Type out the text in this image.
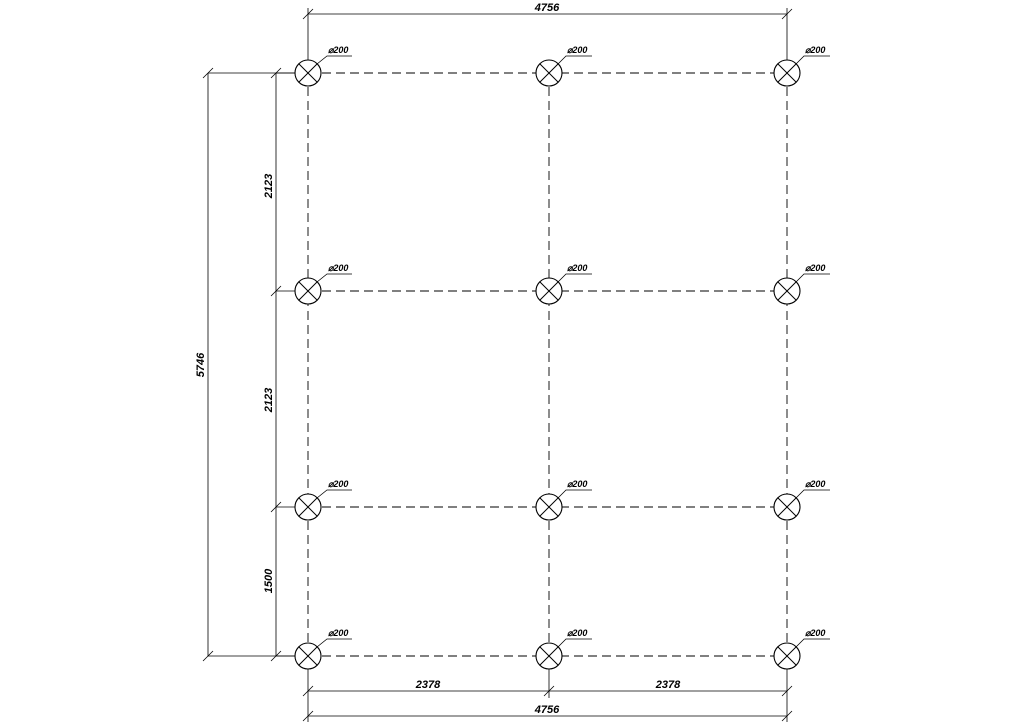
4756
5746
2123
2123
1500
2378	2378
4756
⌀200	⌀200	⌀200
⌀200	⌀200	⌀200
⌀200	⌀200	⌀200
⌀200	⌀200	⌀200
